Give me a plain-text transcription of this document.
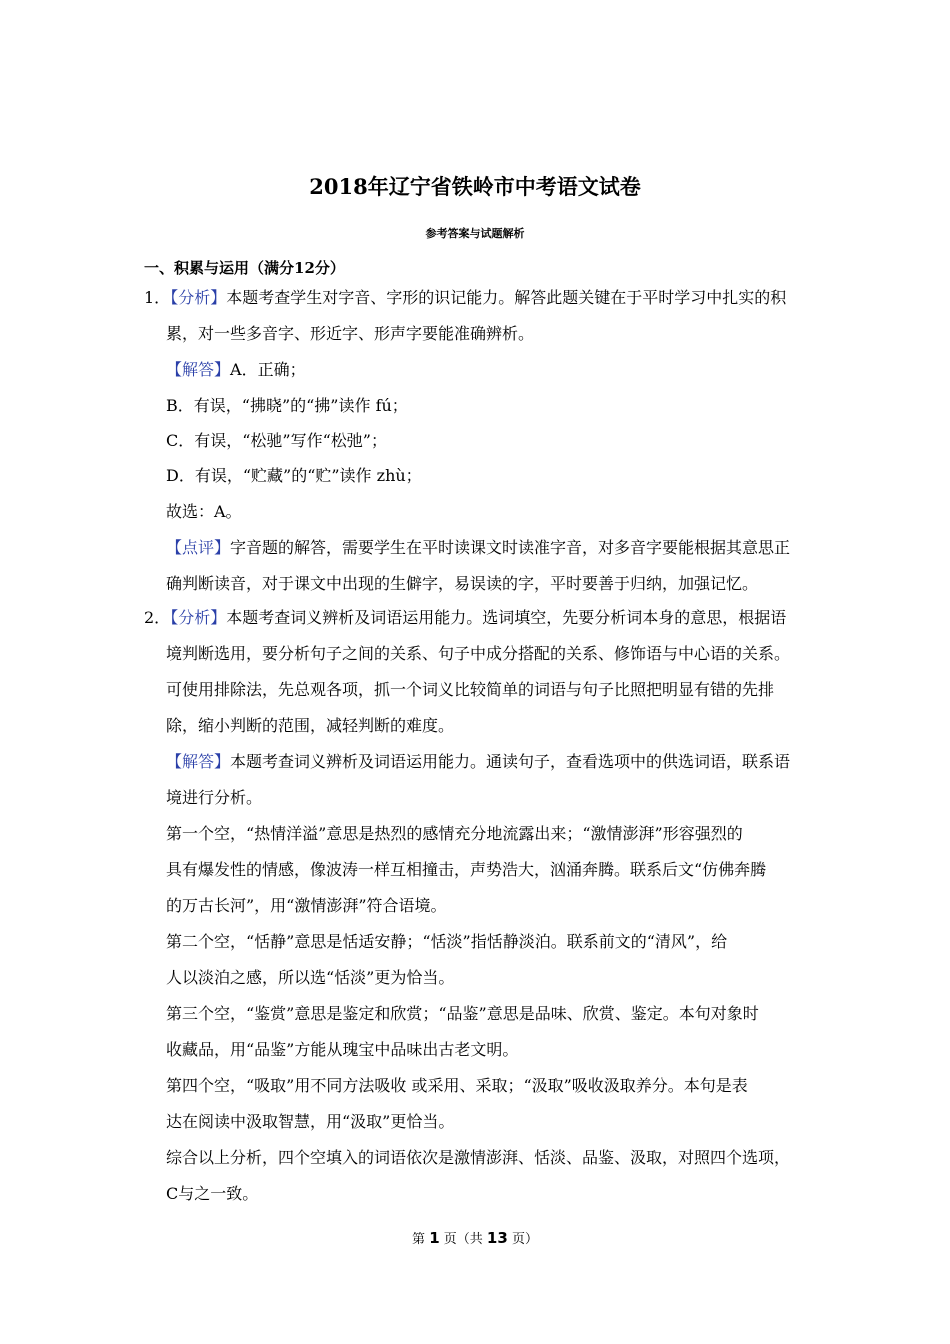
2018年辽宁省铁岭市中考语文试卷
参考答案与试题解析
一、积累与运用（满分12分）
1．【分析】本题考查学生对字音、字形的识记能力。解答此题关键在于平时学习中扎实的积
累，对一些多音字、形近字、形声字要能准确辨析。
【解答】A．正确；
B．有误，“拂晓”的“拂”读作 fú；
C．有误，“松驰”写作“松弛”；
D．有误，“贮藏”的“贮”读作 zhù；
故选：A。
【点评】字音题的解答，需要学生在平时读课文时读准字音，对多音字要能根据其意思正
确判断读音，对于课文中出现的生僻字，易误读的字，平时要善于归纳，加强记忆。
2．【分析】本题考查词义辨析及词语运用能力。选词填空，先要分析词本身的意思，根据语
境判断选用，要分析句子之间的关系、句子中成分搭配的关系、修饰语与中心语的关系。
可使用排除法，先总观各项，抓一个词义比较简单的词语与句子比照把明显有错的先排
除，缩小判断的范围，减轻判断的难度。
【解答】本题考查词义辨析及词语运用能力。通读句子，查看选项中的供选词语，联系语
境进行分析。
第一个空，“热情洋溢”意思是热烈的感情充分地流露出来；“激情澎湃”形容强烈的
具有爆发性的情感，像波涛一样互相撞击，声势浩大，汹涌奔腾。联系后文“仿佛奔腾
的万古长河”，用“激情澎湃”符合语境。
第二个空，“恬静”意思是恬适安静；“恬淡”指恬静淡泊。联系前文的“清风”，给
人以淡泊之感，所以选“恬淡”更为恰当。
第三个空，“鉴赏”意思是鉴定和欣赏；“品鉴”意思是品味、欣赏、鉴定。本句对象时
收藏品，用“品鉴”方能从瑰宝中品味出古老文明。
第四个空，“吸取”用不同方法吸收 或采用、采取；“汲取”吸收汲取养分。本句是表
达在阅读中汲取智慧，用“汲取”更恰当。
综合以上分析，四个空填入的词语依次是激情澎湃、恬淡、品鉴、汲取，对照四个选项，
C与之一致。
第 1 页（共 13 页）
